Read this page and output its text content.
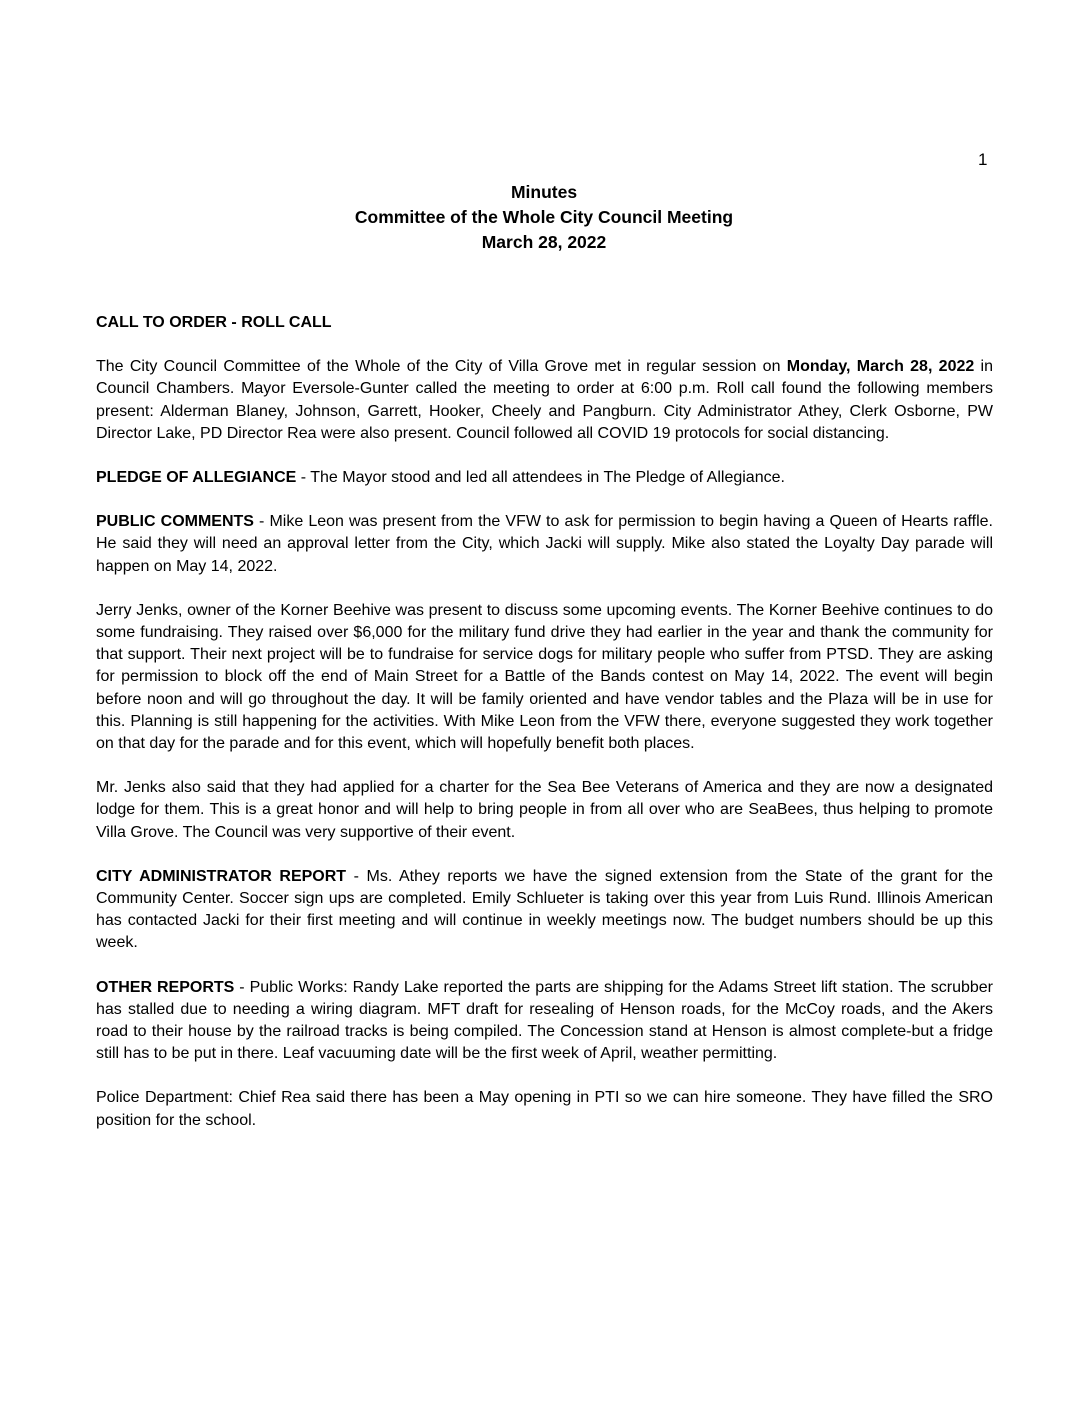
1
Minutes
Committee of the Whole City Council Meeting
March 28, 2022
CALL TO ORDER - ROLL CALL

The City Council Committee of the Whole of the City of Villa Grove met in regular session on Monday, March 28, 2022 in Council Chambers. Mayor Eversole-Gunter called the meeting to order at 6:00 p.m. Roll call found the following members present: Alderman Blaney, Johnson, Garrett, Hooker, Cheely and Pangburn. City Administrator Athey, Clerk Osborne, PW Director Lake, PD Director Rea were also present. Council followed all COVID 19 protocols for social distancing.

PLEDGE OF ALLEGIANCE - The Mayor stood and led all attendees in The Pledge of Allegiance.

PUBLIC COMMENTS - Mike Leon was present from the VFW to ask for permission to begin having a Queen of Hearts raffle. He said they will need an approval letter from the City, which Jacki will supply. Mike also stated the Loyalty Day parade will happen on May 14, 2022.

Jerry Jenks, owner of the Korner Beehive was present to discuss some upcoming events. The Korner Beehive continues to do some fundraising. They raised over $6,000 for the military fund drive they had earlier in the year and thank the community for that support. Their next project will be to fundraise for service dogs for military people who suffer from PTSD. They are asking for permission to block off the end of Main Street for a Battle of the Bands contest on May 14, 2022. The event will begin before noon and will go throughout the day. It will be family oriented and have vendor tables and the Plaza will be in use for this. Planning is still happening for the activities. With Mike Leon from the VFW there, everyone suggested they work together on that day for the parade and for this event, which will hopefully benefit both places.

Mr. Jenks also said that they had applied for a charter for the Sea Bee Veterans of America and they are now a designated lodge for them. This is a great honor and will help to bring people in from all over who are SeaBees, thus helping to promote Villa Grove. The Council was very supportive of their event.

CITY ADMINISTRATOR REPORT - Ms. Athey reports we have the signed extension from the State of the grant for the Community Center. Soccer sign ups are completed. Emily Schlueter is taking over this year from Luis Rund. Illinois American has contacted Jacki for their first meeting and will continue in weekly meetings now. The budget numbers should be up this week.

OTHER REPORTS - Public Works: Randy Lake reported the parts are shipping for the Adams Street lift station. The scrubber has stalled due to needing a wiring diagram. MFT draft for resealing of Henson roads, for the McCoy roads, and the Akers road to their house by the railroad tracks is being compiled. The Concession stand at Henson is almost complete-but a fridge still has to be put in there. Leaf vacuuming date will be the first week of April, weather permitting.

Police Department: Chief Rea said there has been a May opening in PTI so we can hire someone. They have filled the SRO position for the school.
